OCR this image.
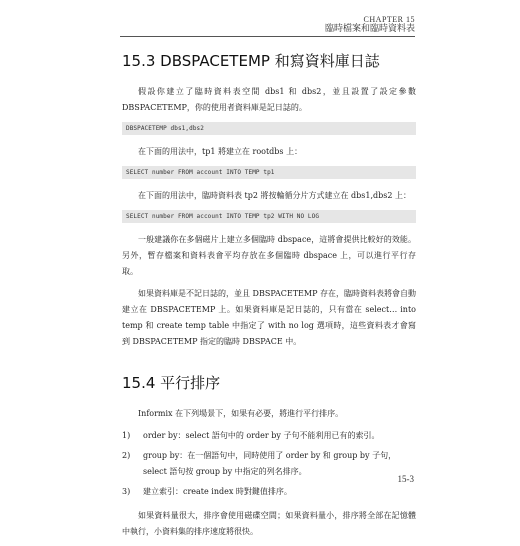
CHAPTER 15
臨時檔案和臨時資料表
15.3 DBSPACETEMP 和寫資料庫日誌

假設你建立了臨時資料表空間 dbs1 和 dbs2，並且設置了設定參數 DBSPACETEMP，你的使用者資料庫是記日誌的。

DBSPACETEMP dbs1,dbs2

在下面的用法中，tp1 將建立在 rootdbs 上：

SELECT number FROM account INTO TEMP tp1

在下面的用法中，臨時資料表 tp2 將按輪循分片方式建立在 dbs1,dbs2 上：

SELECT number FROM account INTO TEMP tp2 WITH NO LOG

一般建議你在多個磁片上建立多個臨時 dbspace，這將會提供比較好的效能。另外，暫存檔案和資料表會平均存放在多個臨時 dbspace 上，可以進行平行存取。

如果資料庫是不記日誌的，並且 DBSPACETEMP 存在，臨時資料表將會自動建立在 DBSPACETEMP 上。如果資料庫是記日誌的，只有當在 select… into temp 和 create temp table 中指定了 with no log 選項時，這些資料表才會寫到 DBSPACETEMP 指定的臨時 DBSPACE 中。

15.4 平行排序

Informix 在下列場景下，如果有必要，將進行平行排序。

1) order by：select 語句中的 order by 子句不能利用已有的索引。
2) group by：在一個語句中，同時使用了 order by 和 group by 子句，select 語句按 group by 中指定的列名排序。
3) 建立索引：create index 時對鍵值排序。

如果資料量很大，排序會使用磁碟空間；如果資料量小，排序將全部在記憶體中執行，小資料集的排序速度將很快。

15-3
